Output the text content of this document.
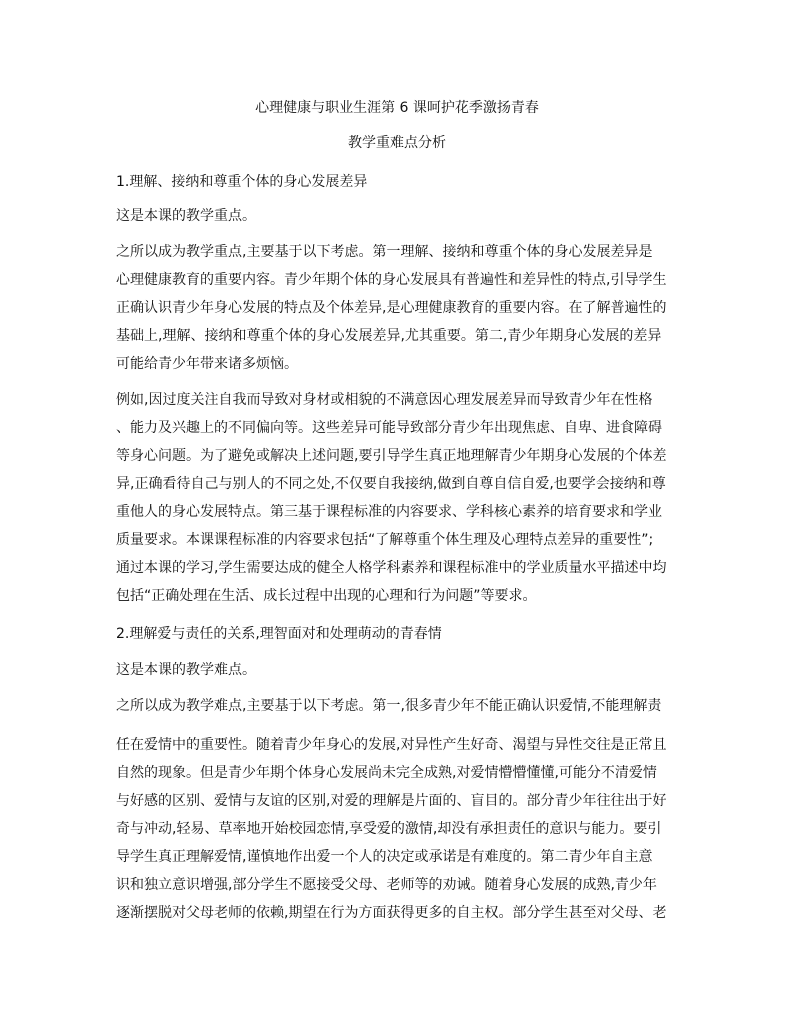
心理健康与职业生涯第 6 课呵护花季激扬青春
教学重难点分析
1.理解、接纳和尊重个体的身心发展差异
这是本课的教学重点。
之所以成为教学重点,主要基于以下考虑。第一理解、接纳和尊重个体的身心发展差异是
心理健康教育的重要内容。青少年期个体的身心发展具有普遍性和差异性的特点,引导学生
正确认识青少年身心发展的特点及个体差异,是心理健康教育的重要内容。在了解普遍性的
基础上,理解、接纳和尊重个体的身心发展差异,尤其重要。第二,青少年期身心发展的差异
可能给青少年带来诸多烦恼。
例如,因过度关注自我而导致对身材或相貌的不满意因心理发展差异而导致青少年在性格
、能力及兴趣上的不同偏向等。这些差异可能导致部分青少年出现焦虑、自卑、进食障碍
等身心问题。为了避免或解决上述问题,要引导学生真正地理解青少年期身心发展的个体差
异,正确看待自己与别人的不同之处,不仅要自我接纳,做到自尊自信自爱,也要学会接纳和尊
重他人的身心发展特点。第三基于课程标准的内容要求、学科核心素养的培育要求和学业
质量要求。本课课程标准的内容要求包括“了解尊重个体生理及心理特点差异的重要性”;
通过本课的学习,学生需要达成的健全人格学科素养和课程标准中的学业质量水平描述中均
包括“正确处理在生活、成长过程中出现的心理和行为问题”等要求。
2.理解爱与责任的关系,理智面对和处理萌动的青春情
这是本课的教学难点。
之所以成为教学难点,主要基于以下考虑。第一,很多青少年不能正确认识爱情,不能理解责
任在爱情中的重要性。随着青少年身心的发展,对异性产生好奇、渴望与异性交往是正常且
自然的现象。但是青少年期个体身心发展尚未完全成熟,对爱情懵懵懂懂,可能分不清爱情
与好感的区别、爱情与友谊的区别,对爱的理解是片面的、盲目的。部分青少年往往出于好
奇与冲动,轻易、草率地开始校园恋情,享受爱的激情,却没有承担责任的意识与能力。要引
导学生真正理解爱情,谨慎地作出爱一个人的决定或承诺是有难度的。第二青少年自主意
识和独立意识增强,部分学生不愿接受父母、老师等的劝诫。随着身心发展的成熟,青少年
逐渐摆脱对父母老师的依赖,期望在行为方面获得更多的自主权。部分学生甚至对父母、老
